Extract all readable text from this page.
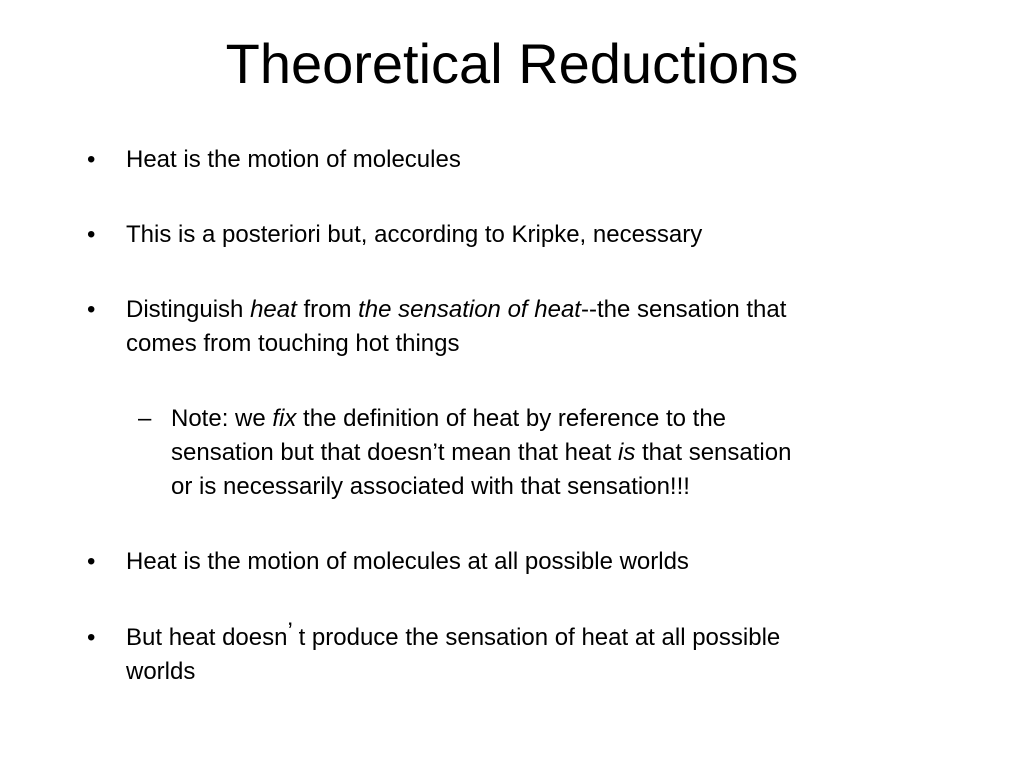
Theoretical Reductions
• Heat is the motion of molecules
• This is a posteriori but, according to Kripke, necessary
• Distinguish heat from the sensation of heat--the sensation that
comes from touching hot things
– Note: we fix the definition of heat by reference to the
sensation but that doesn’t mean that heat is that sensation
or is necessarily associated with that sensation!!!
• Heat is the motion of molecules at all possible worlds
• But heat doesn’ t produce the sensation of heat at all possible
worlds
